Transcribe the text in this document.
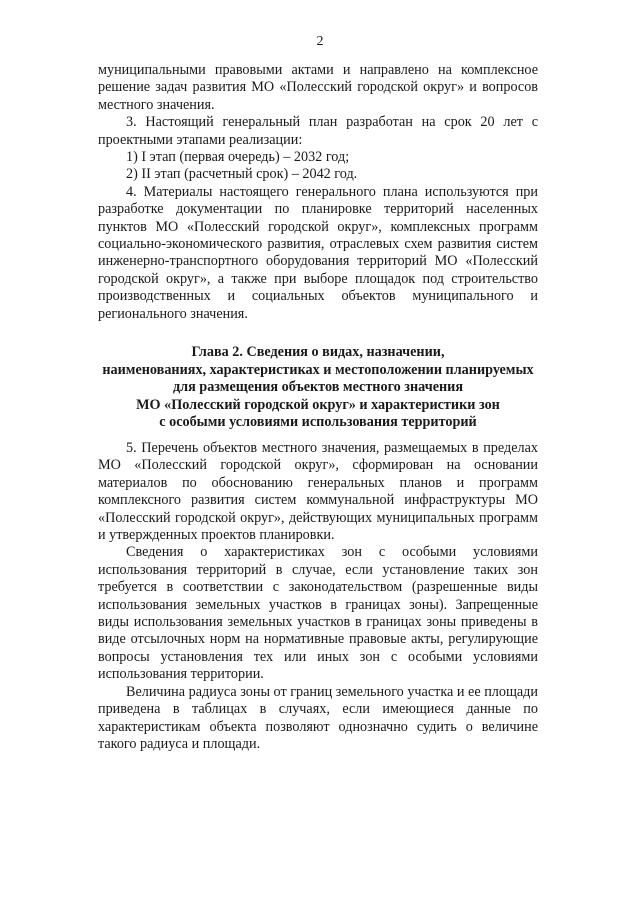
2

муниципальными правовыми актами и направлено на комплексное решение задач развития МО «Полесский городской округ» и вопросов местного значения.

3. Настоящий генеральный план разработан на срок 20 лет с проектными этапами реализации:

1) I этап (первая очередь) – 2032 год;

2) II этап (расчетный срок) – 2042 год.

4. Материалы настоящего генерального плана используются при разработке документации по планировке территорий населенных пунктов МО «Полесский городской округ», комплексных программ социально-экономического развития, отраслевых схем развития систем инженерно-транспортного оборудования территорий МО «Полесский городской округ», а также при выборе площадок под строительство производственных и социальных объектов муниципального и регионального значения.

Глава 2. Сведения о видах, назначении,
наименованиях, характеристиках и местоположении планируемых
для размещения объектов местного значения
МО «Полесский городской округ» и характеристики зон
с особыми условиями использования территорий

5. Перечень объектов местного значения, размещаемых в пределах МО «Полесский городской округ», сформирован на основании материалов по обоснованию генеральных планов и программ комплексного развития систем коммунальной инфраструктуры МО «Полесский городской округ», действующих муниципальных программ и утвержденных проектов планировки.

Сведения о характеристиках зон с особыми условиями использования территорий в случае, если установление таких зон требуется в соответствии с законодательством (разрешенные виды использования земельных участков в границах зоны). Запрещенные виды использования земельных участков в границах зоны приведены в виде отсылочных норм на нормативные правовые акты, регулирующие вопросы установления тех или иных зон с особыми условиями использования территории.

Величина радиуса зоны от границ земельного участка и ее площади приведена в таблицах в случаях, если имеющиеся данные по характеристикам объекта позволяют однозначно судить о величине такого радиуса и площади.
